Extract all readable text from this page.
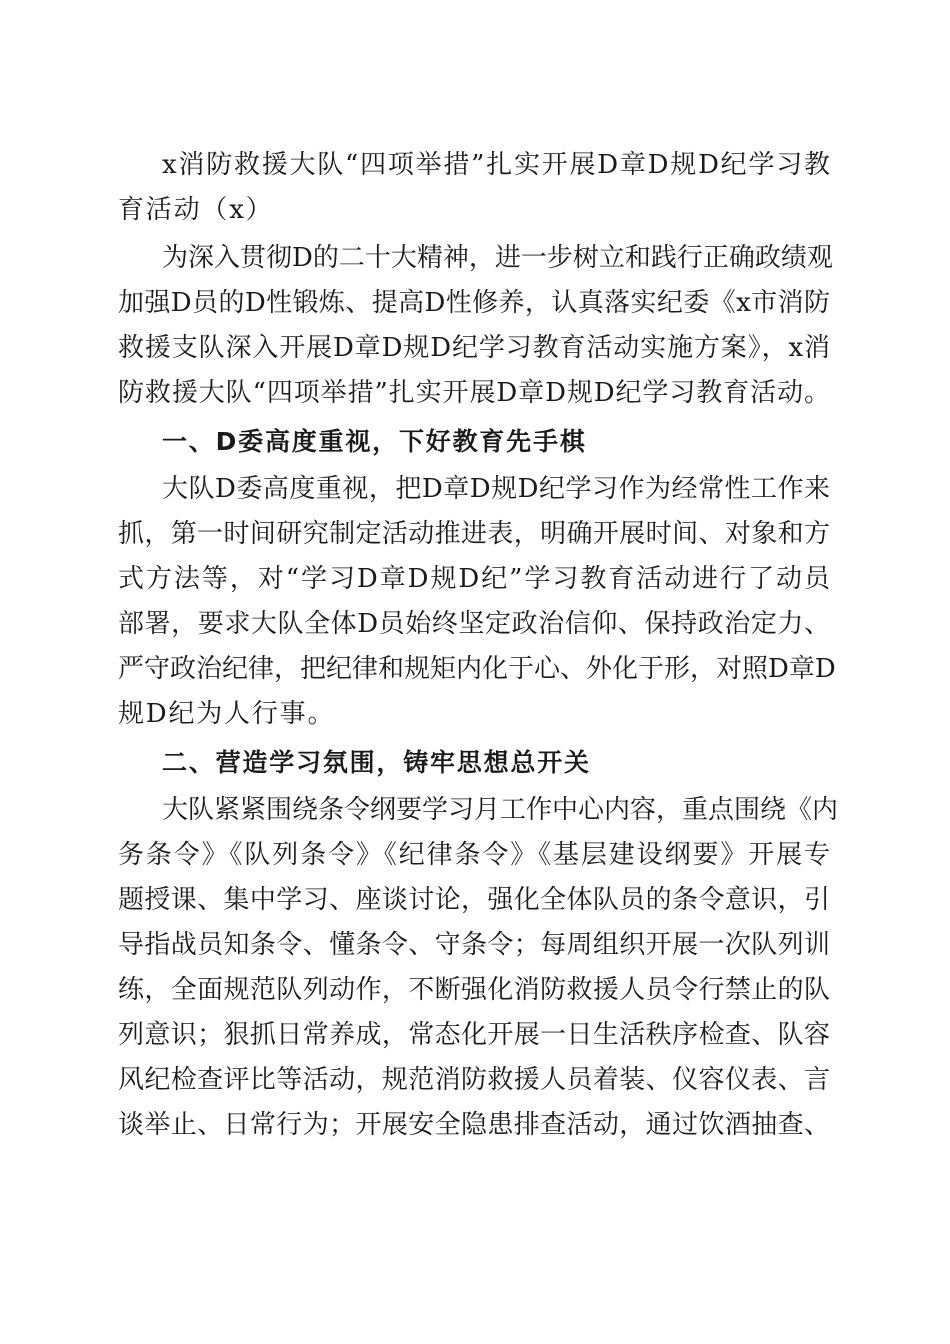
x消防救援大队“四项举措”扎实开展D章D规D纪学习教
育活动（x）
为深入贯彻D的二十大精神，进一步树立和践行正确政绩观
加强D员的D性锻炼、提高D性修养，认真落实纪委《x市消防
救援支队深入开展D章D规D纪学习教育活动实施方案》，x消
防救援大队“四项举措”扎实开展D章D规D纪学习教育活动。
一、D委高度重视，下好教育先手棋
大队D委高度重视，把D章D规D纪学习作为经常性工作来
抓，第一时间研究制定活动推进表，明确开展时间、对象和方
式方法等，对“学习D章D规D纪”学习教育活动进行了动员
部署，要求大队全体D员始终坚定政治信仰、保持政治定力、
严守政治纪律，把纪律和规矩内化于心、外化于形，对照D章D
规D纪为人行事。
二、营造学习氛围，铸牢思想总开关
大队紧紧围绕条令纲要学习月工作中心内容，重点围绕《内
务条令》《队列条令》《纪律条令》《基层建设纲要》开展专
题授课、集中学习、座谈讨论，强化全体队员的条令意识，引
导指战员知条令、懂条令、守条令；每周组织开展一次队列训
练，全面规范队列动作，不断强化消防救援人员令行禁止的队
列意识；狠抓日常养成，常态化开展一日生活秩序检查、队容
风纪检查评比等活动，规范消防救援人员着装、仪容仪表、言
谈举止、日常行为；开展安全隐患排查活动，通过饮酒抽查、
